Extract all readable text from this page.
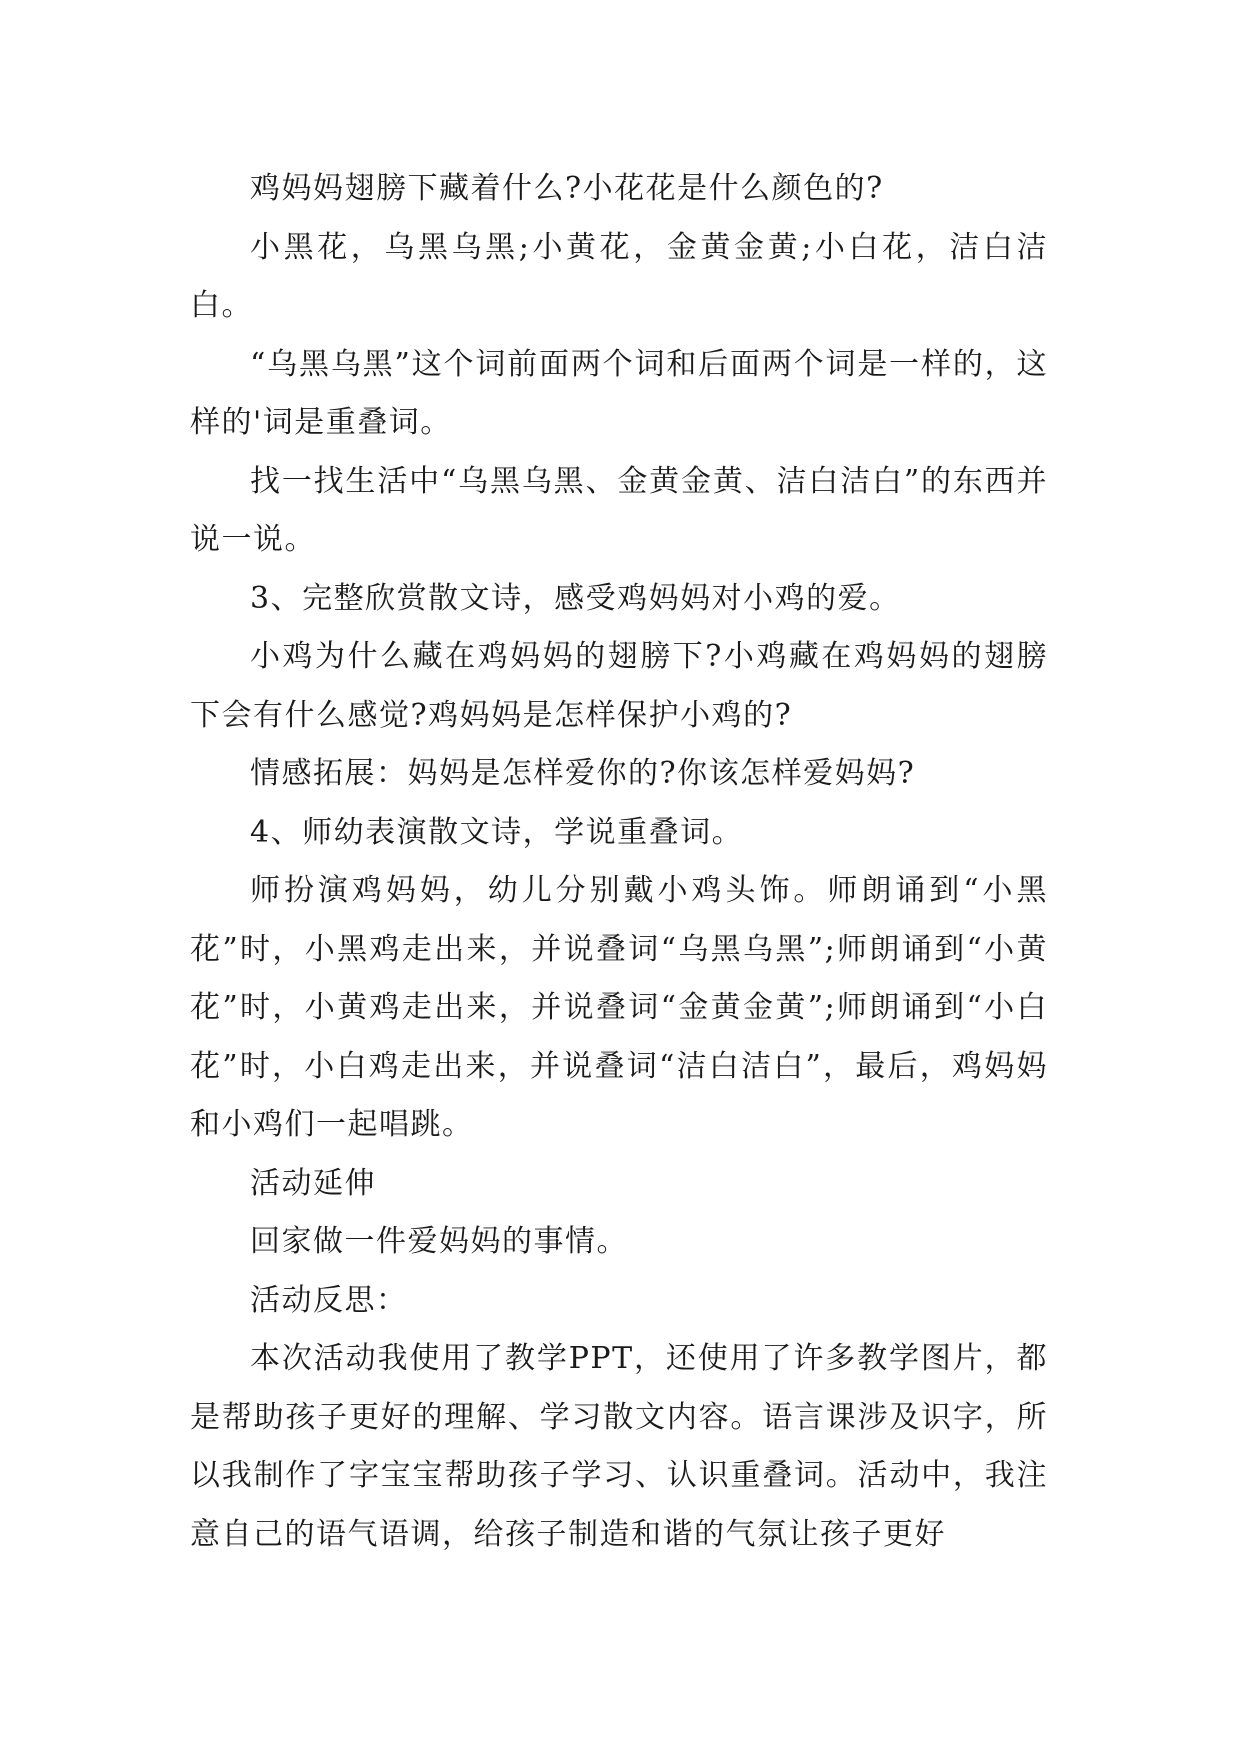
鸡妈妈翅膀下藏着什么?小花花是什么颜色的?

小黑花，乌黑乌黑;小黄花，金黄金黄;小白花，洁白洁白。

“乌黑乌黑”这个词前面两个词和后面两个词是一样的，这样的'词是重叠词。

找一找生活中“乌黑乌黑、金黄金黄、洁白洁白”的东西并说一说。

3、完整欣赏散文诗，感受鸡妈妈对小鸡的爱。

小鸡为什么藏在鸡妈妈的翅膀下?小鸡藏在鸡妈妈的翅膀下会有什么感觉?鸡妈妈是怎样保护小鸡的?

情感拓展：妈妈是怎样爱你的?你该怎样爱妈妈?

4、师幼表演散文诗，学说重叠词。

师扮演鸡妈妈，幼儿分别戴小鸡头饰。师朗诵到“小黑花”时，小黑鸡走出来，并说叠词“乌黑乌黑”;师朗诵到“小黄花”时，小黄鸡走出来，并说叠词“金黄金黄”;师朗诵到“小白花”时，小白鸡走出来，并说叠词“洁白洁白”，最后，鸡妈妈和小鸡们一起唱跳。

活动延伸

回家做一件爱妈妈的事情。

活动反思：

本次活动我使用了教学PPT，还使用了许多教学图片，都是帮助孩子更好的理解、学习散文内容。语言课涉及识字，所以我制作了字宝宝帮助孩子学习、认识重叠词。活动中，我注意自己的语气语调，给孩子制造和谐的气氛让孩子更好
